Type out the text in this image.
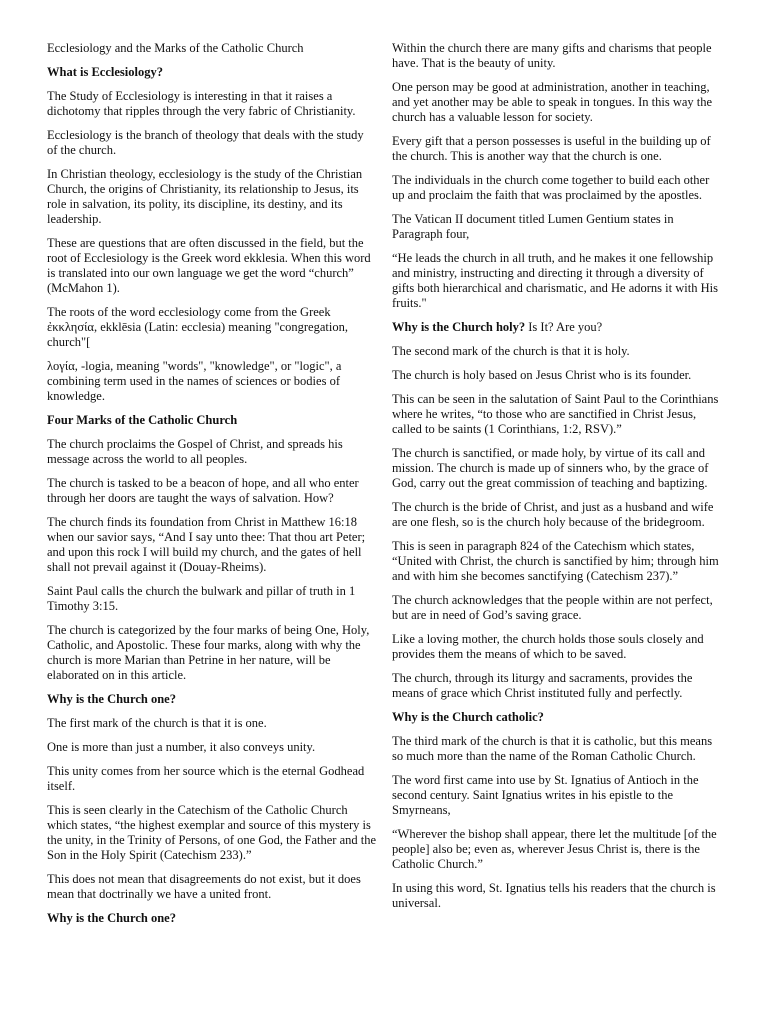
Ecclesiology and the Marks of the Catholic Church

What is Ecclesiology?

The Study of Ecclesiology is interesting in that it raises a dichotomy that ripples through the very fabric of Christianity.

Ecclesiology is the branch of theology that deals with the study of the church.

In Christian theology, ecclesiology is the study of the Christian Church, the origins of Christianity, its relationship to Jesus, its role in salvation, its polity, its discipline, its destiny, and its leadership.

These are questions that are often discussed in the field, but the root of Ecclesiology is the Greek word ekklesia. When this word is translated into our own language we get the word “church” (McMahon 1).

The roots of the word ecclesiology come from the Greek ἐκκλησία, ekklēsia (Latin: ecclesia) meaning "congregation, church"[

λογία, -logia, meaning "words", "knowledge", or "logic", a combining term used in the names of sciences or bodies of knowledge.

Four Marks of the Catholic Church

The church proclaims the Gospel of Christ, and spreads his message across the world to all peoples.

The church is tasked to be a beacon of hope, and all who enter through her doors are taught the ways of salvation. How?

The church finds its foundation from Christ in Matthew 16:18 when our savior says, “And I say unto thee: That thou art Peter; and upon this rock I will build my church, and the gates of hell shall not prevail against it (Douay-Rheims).

Saint Paul calls the church the bulwark and pillar of truth in 1 Timothy 3:15.

The church is categorized by the four marks of being One, Holy, Catholic, and Apostolic. These four marks, along with why the church is more Marian than Petrine in her nature, will be elaborated on in this article.

Why is the Church one?

The first mark of the church is that it is one.

One is more than just a number, it also conveys unity.

This unity comes from her source which is the eternal Godhead itself.

This is seen clearly in the Catechism of the Catholic Church which states, “the highest exemplar and source of this mystery is the unity, in the Trinity of Persons, of one God, the Father and the Son in the Holy Spirit (Catechism 233).”

This does not mean that disagreements do not exist, but it does mean that doctrinally we have a united front.

Why is the Church one?

Within the church there are many gifts and charisms that people have. That is the beauty of unity.

One person may be good at administration, another in teaching, and yet another may be able to speak in tongues. In this way the church has a valuable lesson for society.

Every gift that a person possesses is useful in the building up of the church. This is another way that the church is one.

The individuals in the church come together to build each other up and proclaim the faith that was proclaimed by the apostles.

The Vatican II document titled Lumen Gentium states in Paragraph four,

“He leads the church in all truth, and he makes it one fellowship and ministry, instructing and directing it through a diversity of gifts both hierarchical and charismatic, and He adorns it with His fruits."

Why is the Church holy? Is It? Are you?

The second mark of the church is that it is holy.

The church is holy based on Jesus Christ who is its founder.

This can be seen in the salutation of Saint Paul to the Corinthians where he writes, “to those who are sanctified in Christ Jesus, called to be saints (1 Corinthians, 1:2, RSV).”

The church is sanctified, or made holy, by virtue of its call and mission. The church is made up of sinners who, by the grace of God, carry out the great commission of teaching and baptizing.

The church is the bride of Christ, and just as a husband and wife are one flesh, so is the church holy because of the bridegroom.

This is seen in paragraph 824 of the Catechism which states, “United with Christ, the church is sanctified by him; through him and with him she becomes sanctifying (Catechism 237).”

The church acknowledges that the people within are not perfect, but are in need of God’s saving grace.

Like a loving mother, the church holds those souls closely and provides them the means of which to be saved.

The church, through its liturgy and sacraments, provides the means of grace which Christ instituted fully and perfectly.

Why is the Church catholic?

The third mark of the church is that it is catholic, but this means so much more than the name of the Roman Catholic Church.

The word first came into use by St. Ignatius of Antioch in the second century. Saint Ignatius writes in his epistle to the Smyrneans,

“Wherever the bishop shall appear, there let the multitude [of the people] also be; even as, wherever Jesus Christ is, there is the Catholic Church.”

In using this word, St. Ignatius tells his readers that the church is universal.
